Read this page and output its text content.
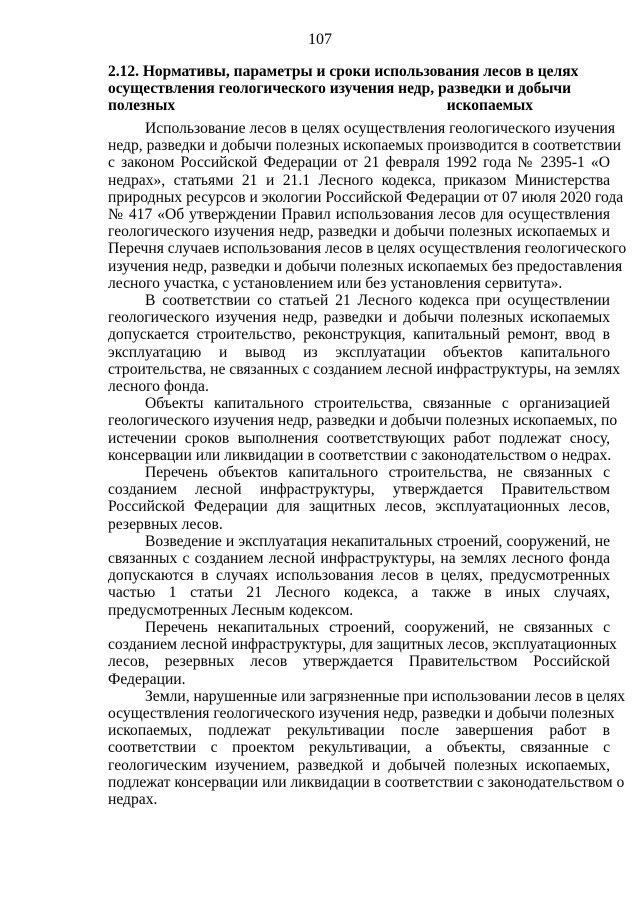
107
2.12. Нормативы, параметры и сроки использования лесов в целях
осуществления геологического изучения недр, разведки и добычи
полезных ископаемых
Использование лесов в целях осуществления геологического изучения
недр, разведки и добычи полезных ископаемых производится в соответствии
с законом Российской Федерации от 21 февраля 1992 года № 2395-1 «О
недрах», статьями 21 и 21.1 Лесного кодекса, приказом Министерства
природных ресурсов и экологии Российской Федерации от 07 июля 2020 года
№ 417 «Об утверждении Правил использования лесов для осуществления
геологического изучения недр, разведки и добычи полезных ископаемых и
Перечня случаев использования лесов в целях осуществления геологического
изучения недр, разведки и добычи полезных ископаемых без предоставления
лесного участка, с установлением или без установления сервитута».
В соответствии со статьей 21 Лесного кодекса при осуществлении
геологического изучения недр, разведки и добычи полезных ископаемых
допускается строительство, реконструкция, капитальный ремонт, ввод в
эксплуатацию и вывод из эксплуатации объектов капитального
строительства, не связанных с созданием лесной инфраструктуры, на землях
лесного фонда.
Объекты капитального строительства, связанные с организацией
геологического изучения недр, разведки и добычи полезных ископаемых, по
истечении сроков выполнения соответствующих работ подлежат сносу,
консервации или ликвидации в соответствии с законодательством о недрах.
Перечень объектов капитального строительства, не связанных с
созданием лесной инфраструктуры, утверждается Правительством
Российской Федерации для защитных лесов, эксплуатационных лесов,
резервных лесов.
Возведение и эксплуатация некапитальных строений, сооружений, не
связанных с созданием лесной инфраструктуры, на землях лесного фонда
допускаются в случаях использования лесов в целях, предусмотренных
частью 1 статьи 21 Лесного кодекса, а также в иных случаях,
предусмотренных Лесным кодексом.
Перечень некапитальных строений, сооружений, не связанных с
созданием лесной инфраструктуры, для защитных лесов, эксплуатационных
лесов, резервных лесов утверждается Правительством Российской
Федерации.
Земли, нарушенные или загрязненные при использовании лесов в целях
осуществления геологического изучения недр, разведки и добычи полезных
ископаемых, подлежат рекультивации после завершения работ в
соответствии с проектом рекультивации, а объекты, связанные с
геологическим изучением, разведкой и добычей полезных ископаемых,
подлежат консервации или ликвидации в соответствии с законодательством о
недрах.
